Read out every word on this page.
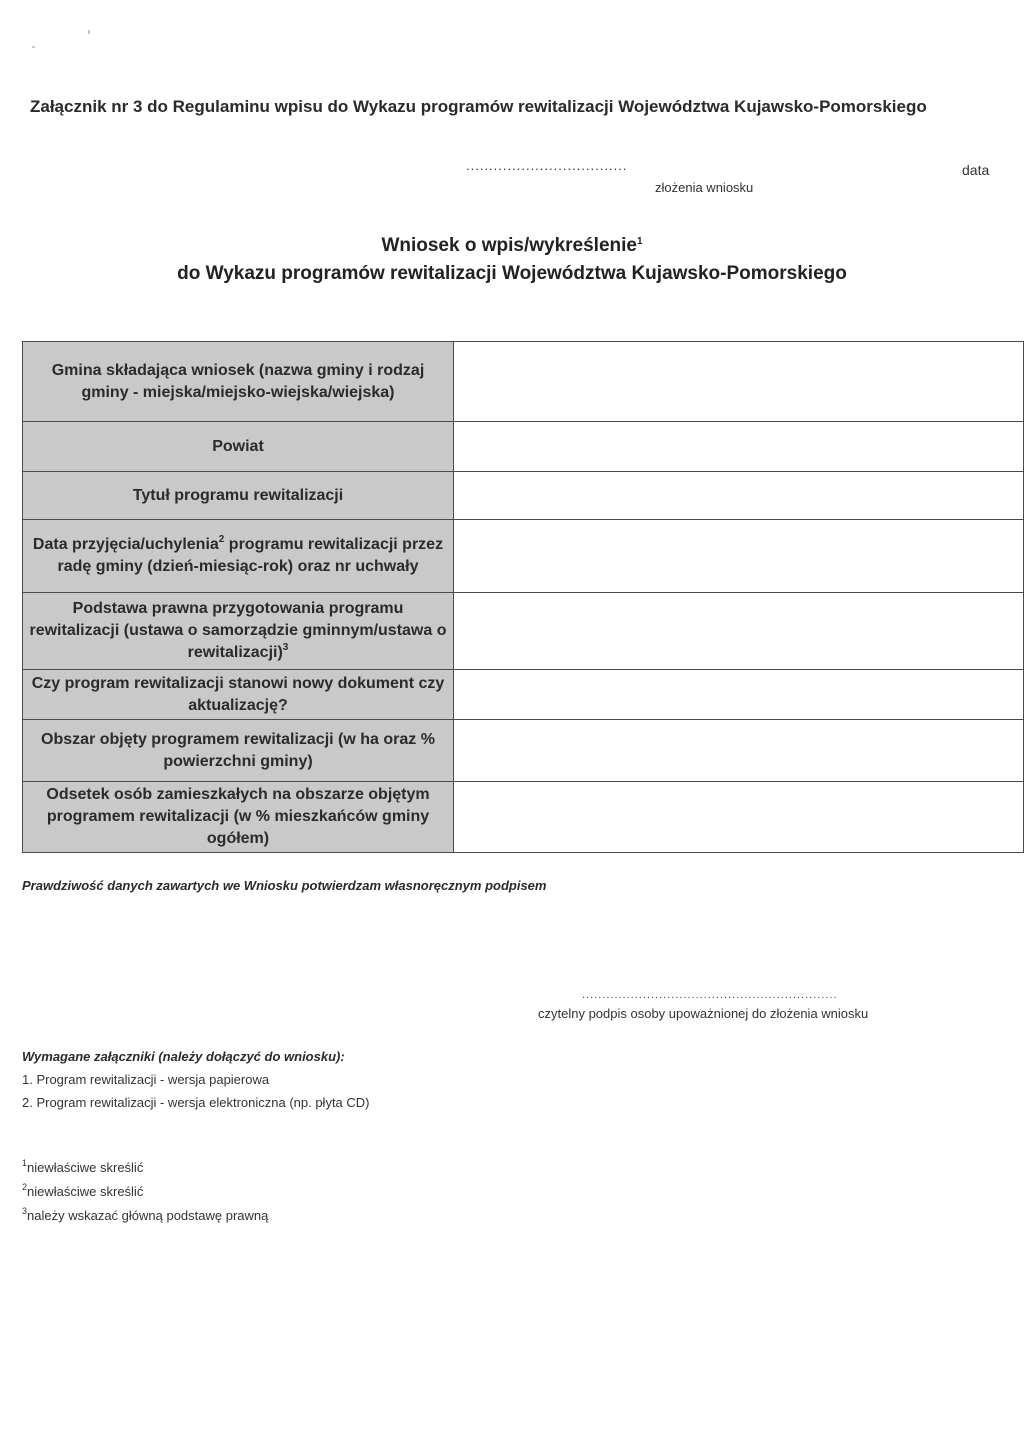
Załącznik nr 3 do Regulaminu wpisu do Wykazu programów rewitalizacji Województwa Kujawsko-Pomorskiego
...................................	data
złożenia wniosku
Wniosek o wpis/wykreślenie$^1$
do Wykazu programów rewitalizacji Województwa Kujawsko-Pomorskiego
Gmina składająca wniosek (nazwa gminy i rodzaj gminy - miejska/miejsko-wiejska/wiejska)	
Powiat	
Tytuł programu rewitalizacji	
Data przyjęcia/uchylenia$^2$ programu rewitalizacji przez radę gminy (dzień-miesiąc-rok) oraz nr uchwały	
Podstawa prawna przygotowania programu rewitalizacji (ustawa o samorządzie gminnym/ustawa o rewitalizacji)$^3$	
Czy program rewitalizacji stanowi nowy dokument czy aktualizację?	
Obszar objęty programem rewitalizacji (w ha oraz % powierzchni gminy)	
Odsetek osób zamieszkałych na obszarze objętym programem rewitalizacji (w % mieszkańców gminy ogółem)	
Prawdziwość danych zawartych we Wniosku potwierdzam własnoręcznym podpisem
...............................................................
czytelny podpis osoby upoważnionej do złożenia wniosku
Wymagane załączniki (należy dołączyć do wniosku):
1. Program rewitalizacji - wersja papierowa
2. Program rewitalizacji - wersja elektroniczna (np. płyta CD)
$^1$niewłaściwe skreślić
$^2$niewłaściwe skreślić
$^3$należy wskazać główną podstawę prawną
